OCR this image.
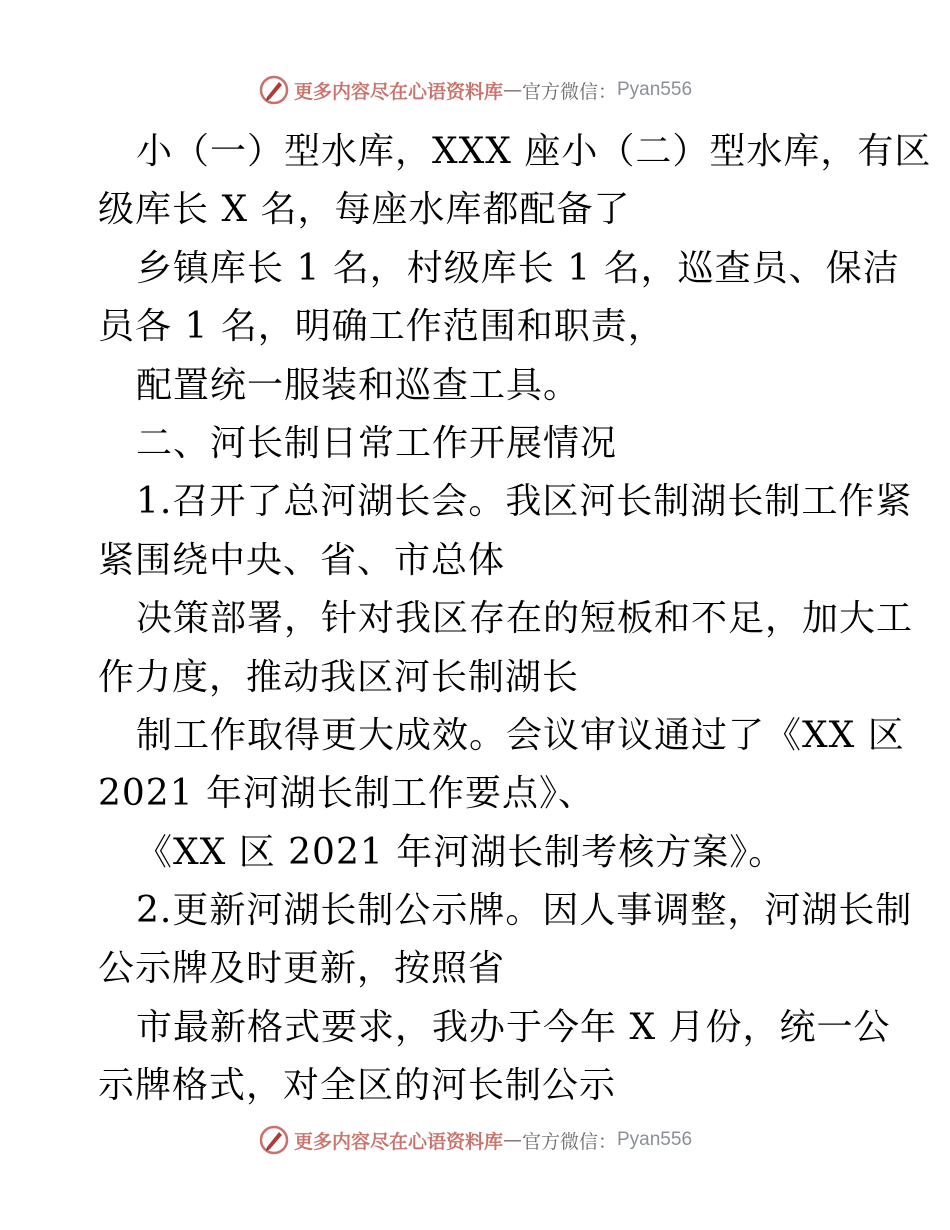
更多内容尽在心语资料库 — 官方微信： Pyan556
小（一）型水库，XXX 座小（二）型水库，有区
级库长 X 名，每座水库都配备了
乡镇库长 1 名，村级库长 1 名，巡查员、保洁
员各 1 名，明确工作范围和职责，
配置统一服装和巡查工具。
二、河长制日常工作开展情况
1.召开了总河湖长会。我区河长制湖长制工作紧
紧围绕中央、省、市总体
决策部署，针对我区存在的短板和不足，加大工
作力度，推动我区河长制湖长
制工作取得更大成效。会议审议通过了《XX 区
2021 年河湖长制工作要点》、
《XX 区 2021 年河湖长制考核方案》。
2.更新河湖长制公示牌。因人事调整，河湖长制
公示牌及时更新，按照省
市最新格式要求，我办于今年 X 月份，统一公
示牌格式，对全区的河长制公示
更多内容尽在心语资料库 — 官方微信： Pyan556
